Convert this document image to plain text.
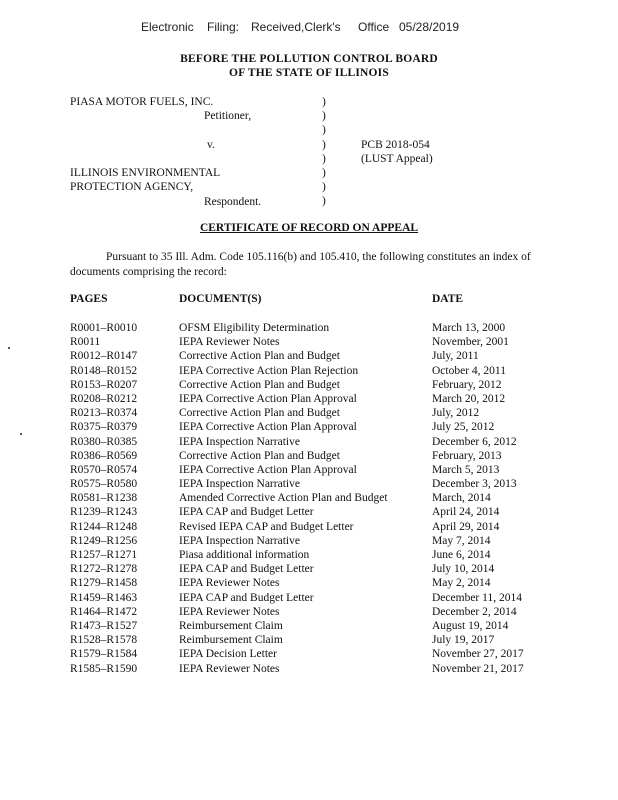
Electronic Filing: Received,Clerk's Office 05/28/2019
BEFORE THE POLLUTION CONTROL BOARD
OF THE STATE OF ILLINOIS
PIASA MOTOR FUELS, INC.
Petitioner,
v.
ILLINOIS ENVIRONMENTAL
PROTECTION AGENCY,
Respondent.
PCB 2018-054
(LUST Appeal)
)
)
)
)
)
)
)
)
CERTIFICATE OF RECORD ON APPEAL
Pursuant to 35 Ill. Adm. Code 105.116(b) and 105.410, the following constitutes an index of documents comprising the record:
PAGES	DOCUMENT(S)	DATE
R0001–R0010	OFSM Eligibility Determination	March 13, 2000
R0011	IEPA Reviewer Notes	November, 2001
R0012–R0147	Corrective Action Plan and Budget	July, 2011
R0148–R0152	IEPA Corrective Action Plan Rejection	October 4, 2011
R0153–R0207	Corrective Action Plan and Budget	February, 2012
R0208–R0212	IEPA Corrective Action Plan Approval	March 20, 2012
R0213–R0374	Corrective Action Plan and Budget	July, 2012
R0375–R0379	IEPA Corrective Action Plan Approval	July 25, 2012
R0380–R0385	IEPA Inspection Narrative	December 6, 2012
R0386–R0569	Corrective Action Plan and Budget	February, 2013
R0570–R0574	IEPA Corrective Action Plan Approval	March 5, 2013
R0575–R0580	IEPA Inspection Narrative	December 3, 2013
R0581–R1238	Amended Corrective Action Plan and Budget	March, 2014
R1239–R1243	IEPA CAP and Budget Letter	April 24, 2014
R1244–R1248	Revised IEPA CAP and Budget Letter	April 29, 2014
R1249–R1256	IEPA Inspection Narrative	May 7, 2014
R1257–R1271	Piasa additional information	June 6, 2014
R1272–R1278	IEPA CAP and Budget Letter	July 10, 2014
R1279–R1458	IEPA Reviewer Notes	May 2, 2014
R1459–R1463	IEPA CAP and Budget Letter	December 11, 2014
R1464–R1472	IEPA Reviewer Notes	December 2, 2014
R1473–R1527	Reimbursement Claim	August 19, 2014
R1528–R1578	Reimbursement Claim	July 19, 2017
R1579–R1584	IEPA Decision Letter	November 27, 2017
R1585–R1590	IEPA Reviewer Notes	November 21, 2017
